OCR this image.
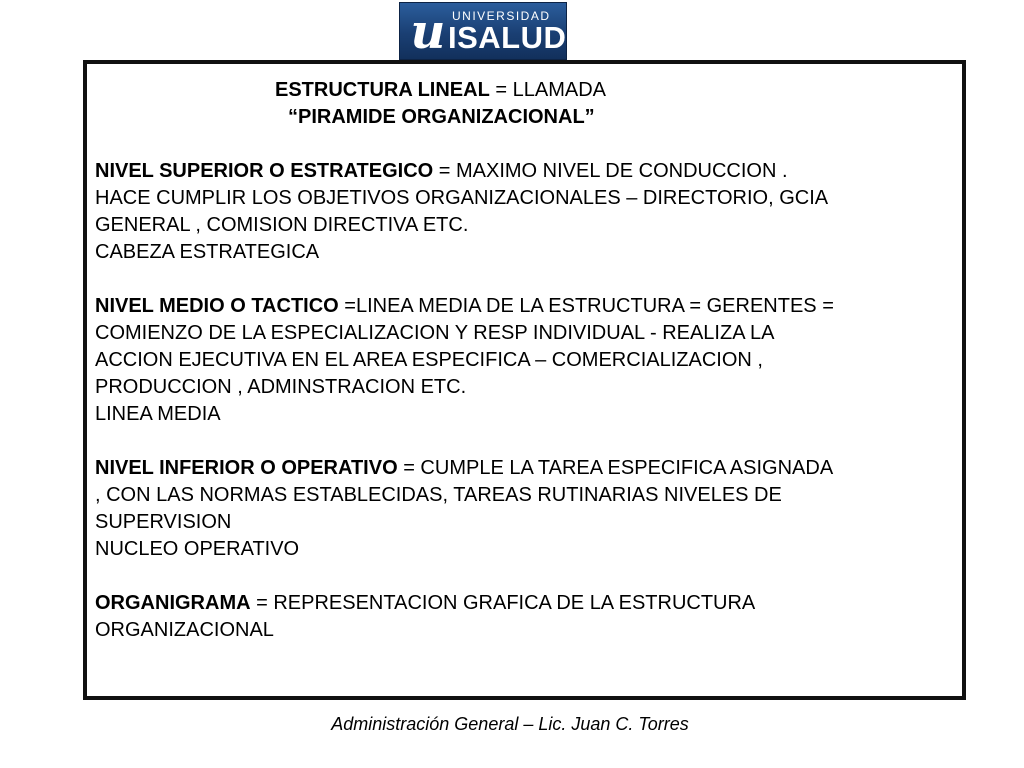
u UNIVERSIDAD
ISALUD
ESTRUCTURA LINEAL = LLAMADA
“PIRAMIDE ORGANIZACIONAL”
NIVEL SUPERIOR O ESTRATEGICO = MAXIMO NIVEL DE CONDUCCION .
HACE CUMPLIR LOS OBJETIVOS ORGANIZACIONALES – DIRECTORIO, GCIA
GENERAL , COMISION DIRECTIVA ETC.
CABEZA ESTRATEGICA
NIVEL MEDIO O TACTICO =LINEA MEDIA DE LA ESTRUCTURA = GERENTES =
COMIENZO DE LA ESPECIALIZACION Y RESP INDIVIDUAL - REALIZA LA
ACCION EJECUTIVA EN EL AREA ESPECIFICA – COMERCIALIZACION ,
PRODUCCION , ADMINSTRACION ETC.
LINEA MEDIA
NIVEL INFERIOR O OPERATIVO = CUMPLE LA TAREA ESPECIFICA ASIGNADA
, CON LAS NORMAS ESTABLECIDAS, TAREAS RUTINARIAS NIVELES DE
SUPERVISION
NUCLEO OPERATIVO
ORGANIGRAMA = REPRESENTACION GRAFICA DE LA ESTRUCTURA
ORGANIZACIONAL
Administración General – Lic. Juan C. Torres
